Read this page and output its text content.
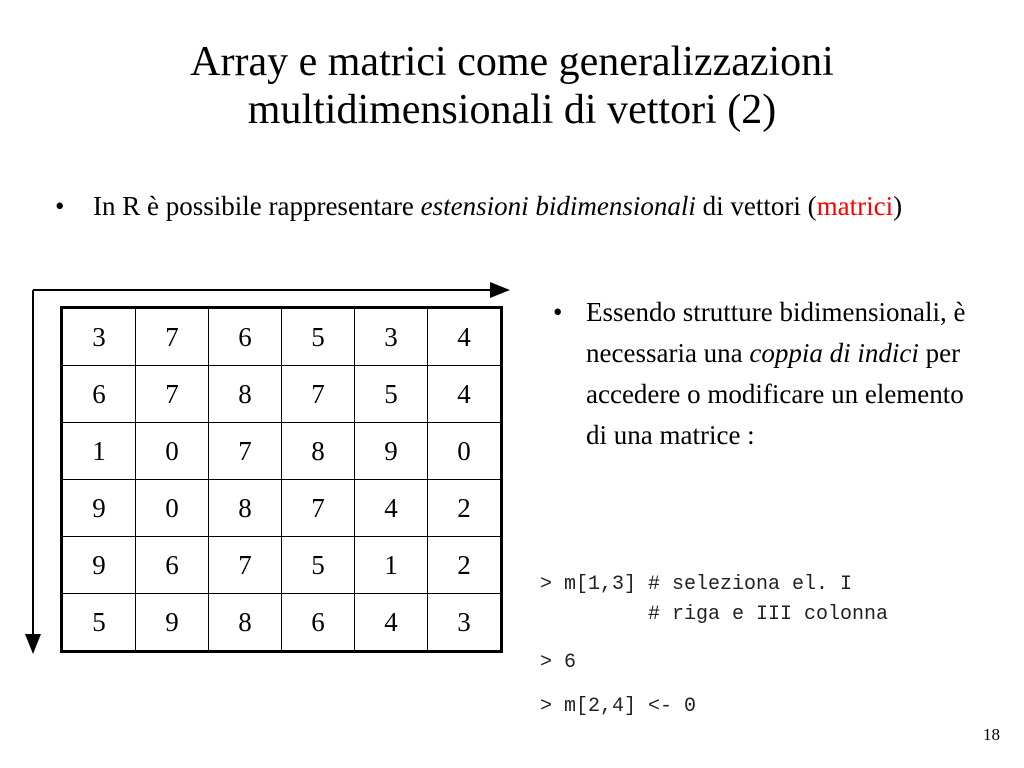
Array e matrici come generalizzazioni
multidimensionali di vettori (2)
• In R è possibile rappresentare estensioni bidimensionali di vettori (matrici)
3	7	6	5	3	4
6	7	8	7	5	4
1	0	7	8	9	0
9	0	8	7	4	2
9	6	7	5	1	2
5	9	8	6	4	3
• Essendo strutture bidimensionali, è necessaria una coppia di indici per accedere o modificare un elemento di una matrice :
> m[1,3] # seleziona el. I
# riga e III colonna
> 6
> m[2,4] <- 0
18
